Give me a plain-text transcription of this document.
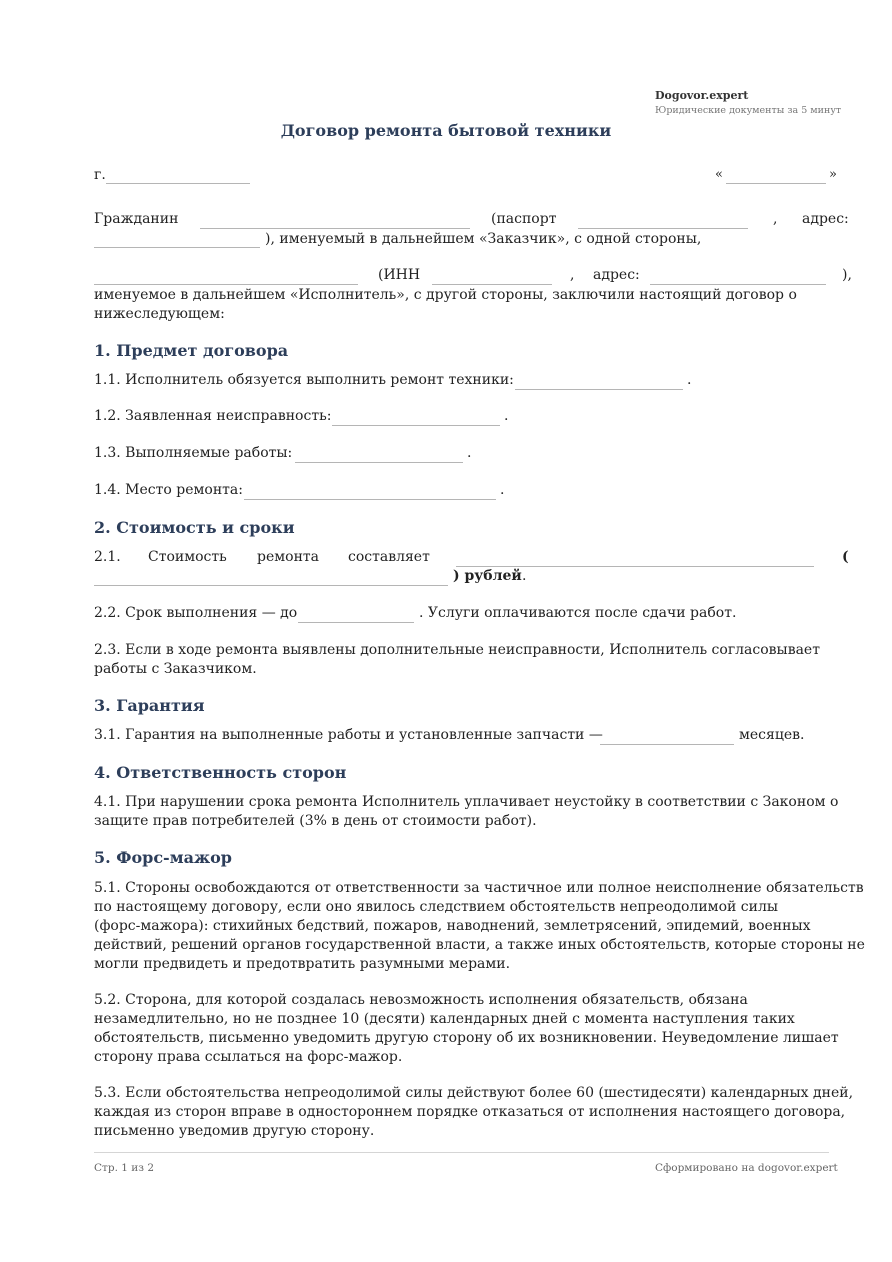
Dogovor.expert
Юридические документы за 5 минут
Договор ремонта бытовой техники
г.	«	»
Гражданин	(паспорт	, адрес:
), именуемый в дальнейшем «Заказчик», с одной стороны,
(ИНН	, адрес:	),
именуемое в дальнейшем «Исполнитель», с другой стороны, заключили настоящий договор о
нижеследующем:
1. Предмет договора
1.1. Исполнитель обязуется выполнить ремонт техники:	.
1.2. Заявленная неисправность:	.
1.3. Выполняемые работы:	.
1.4. Место ремонта:	.
2. Стоимость и сроки
2.1. Стоимость ремонта составляет	(
) рублей .
2.2. Срок выполнения — до	. Услуги оплачиваются после сдачи работ.
2.3. Если в ходе ремонта выявлены дополнительные неисправности, Исполнитель согласовывает
работы с Заказчиком.
3. Гарантия
3.1. Гарантия на выполненные работы и установленные запчасти —	месяцев.
4. Ответственность сторон
4.1. При нарушении срока ремонта Исполнитель уплачивает неустойку в соответствии с Законом о
защите прав потребителей (3% в день от стоимости работ).
5. Форс-мажор
5.1. Стороны освобождаются от ответственности за частичное или полное неисполнение обязательств
по настоящему договору, если оно явилось следствием обстоятельств непреодолимой силы
(форс-мажора): стихийных бедствий, пожаров, наводнений, землетрясений, эпидемий, военных
действий, решений органов государственной власти, а также иных обстоятельств, которые стороны не
могли предвидеть и предотвратить разумными мерами.
5.2. Сторона, для которой создалась невозможность исполнения обязательств, обязана
незамедлительно, но не позднее 10 (десяти) календарных дней с момента наступления таких
обстоятельств, письменно уведомить другую сторону об их возникновении. Неуведомление лишает
сторону права ссылаться на форс-мажор.
5.3. Если обстоятельства непреодолимой силы действуют более 60 (шестидесяти) календарных дней,
каждая из сторон вправе в одностороннем порядке отказаться от исполнения настоящего договора,
письменно уведомив другую сторону.
Стр. 1 из 2	Сформировано на dogovor.expert
